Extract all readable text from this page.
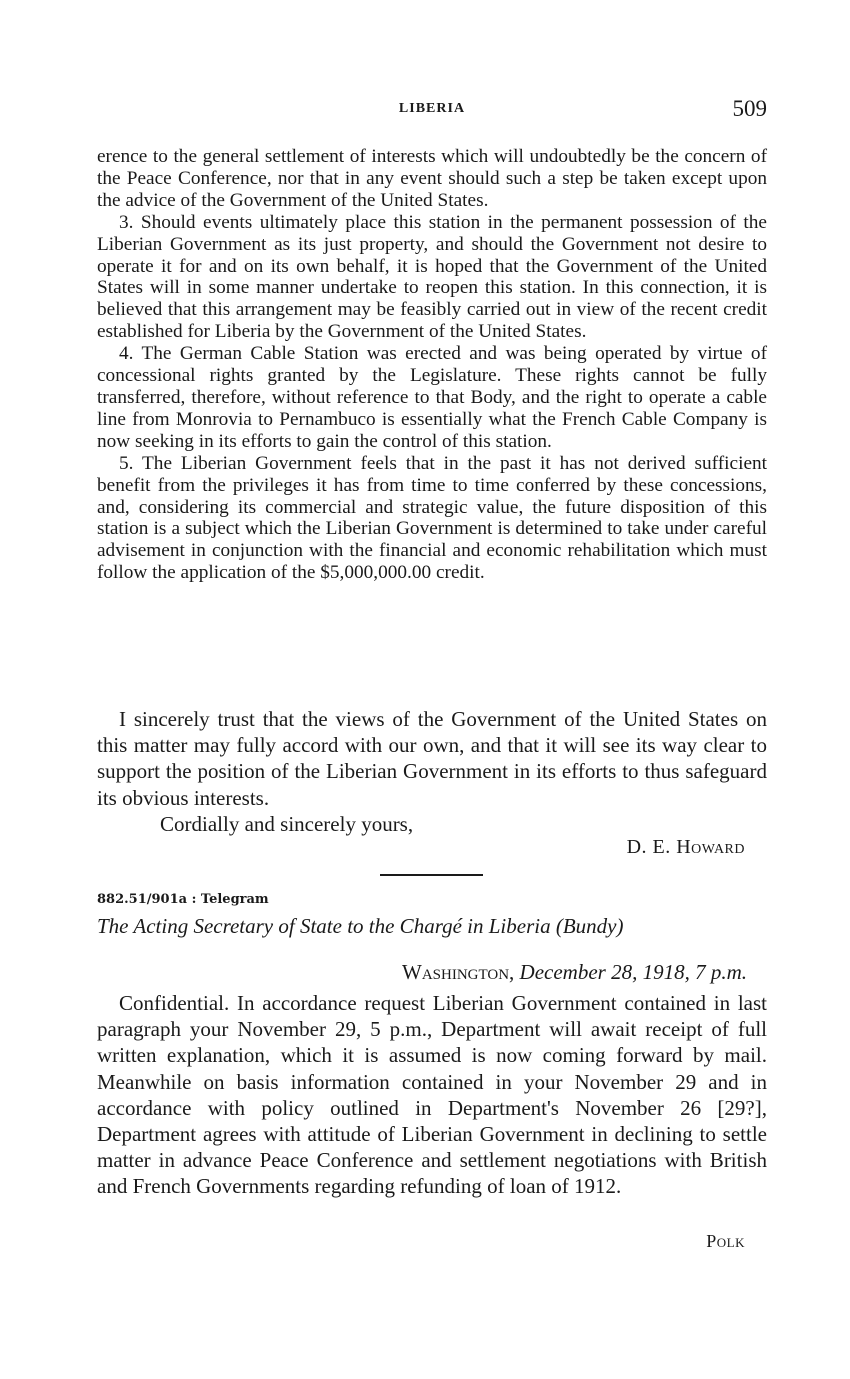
LIBERIA	509

erence to the general settlement of interests which will undoubtedly be the concern of the Peace Conference, nor that in any event should such a step be taken except upon the advice of the Government of the United States.

3. Should events ultimately place this station in the permanent possession of the Liberian Government as its just property, and should the Government not desire to operate it for and on its own behalf, it is hoped that the Government of the United States will in some manner undertake to reopen this station. In this connection, it is believed that this arrangement may be feasibly carried out in view of the recent credit established for Liberia by the Government of the United States.

4. The German Cable Station was erected and was being operated by virtue of concessional rights granted by the Legislature. These rights cannot be fully transferred, therefore, without reference to that Body, and the right to operate a cable line from Monrovia to Pernambuco is essentially what the French Cable Company is now seeking in its efforts to gain the control of this station.

5. The Liberian Government feels that in the past it has not derived sufficient benefit from the privileges it has from time to time conferred by these concessions, and, considering its commercial and strategic value, the future disposition of this station is a subject which the Liberian Government is determined to take under careful advisement in conjunction with the financial and economic rehabilitation which must follow the application of the $5,000,000.00 credit.

I sincerely trust that the views of the Government of the United States on this matter may fully accord with our own, and that it will see its way clear to support the position of the Liberian Government in its efforts to thus safeguard its obvious interests.

Cordially and sincerely yours,
D. E. Howard
882.51/901a : Telegram
The Acting Secretary of State to the Chargé in Liberia (Bundy)
Washington, December 28, 1918, 7 p.m.

Confidential. In accordance request Liberian Government contained in last paragraph your November 29, 5 p.m., Department will await receipt of full written explanation, which it is assumed is now coming forward by mail. Meanwhile on basis information contained in your November 29 and in accordance with policy outlined in Department's November 26 [29?], Department agrees with attitude of Liberian Government in declining to settle matter in advance Peace Conference and settlement negotiations with British and French Governments regarding refunding of loan of 1912.

Polk
